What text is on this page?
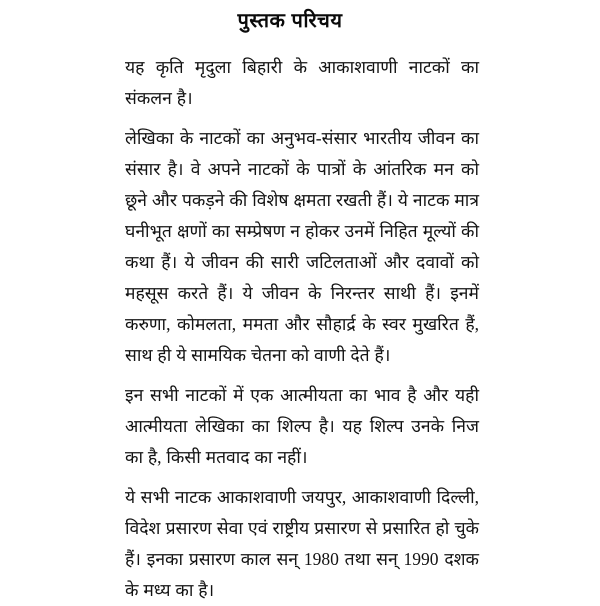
पुस्तक परिचय

यह कृति मृदुला बिहारी के आकाशवाणी नाटकों का संकलन है।

लेखिका के नाटकों का अनुभव-संसार भारतीय जीवन का संसार है। वे अपने नाटकों के पात्रों के आंतरिक मन को छूने और पकड़ने की विशेष क्षमता रखती हैं। ये नाटक मात्र घनीभूत क्षणों का सम्प्रेषण न होकर उनमें निहित मूल्यों की कथा हैं। ये जीवन की सारी जटिलताओं और दवावों को महसूस करते हैं। ये जीवन के निरन्तर साथी हैं। इनमें करुणा, कोमलता, ममता और सौहार्द्र के स्वर मुखरित हैं, साथ ही ये सामयिक चेतना को वाणी देते हैं।

इन सभी नाटकों में एक आत्मीयता का भाव है और यही आत्मीयता लेखिका का शिल्प है। यह शिल्प उनके निज का है, किसी मतवाद का नहीं।

ये सभी नाटक आकाशवाणी जयपुर, आकाशवाणी दिल्ली, विदेश प्रसारण सेवा एवं राष्ट्रीय प्रसारण से प्रसारित हो चुके हैं। इनका प्रसारण काल सन् 1980 तथा सन् 1990 दशक के मध्य का है।
